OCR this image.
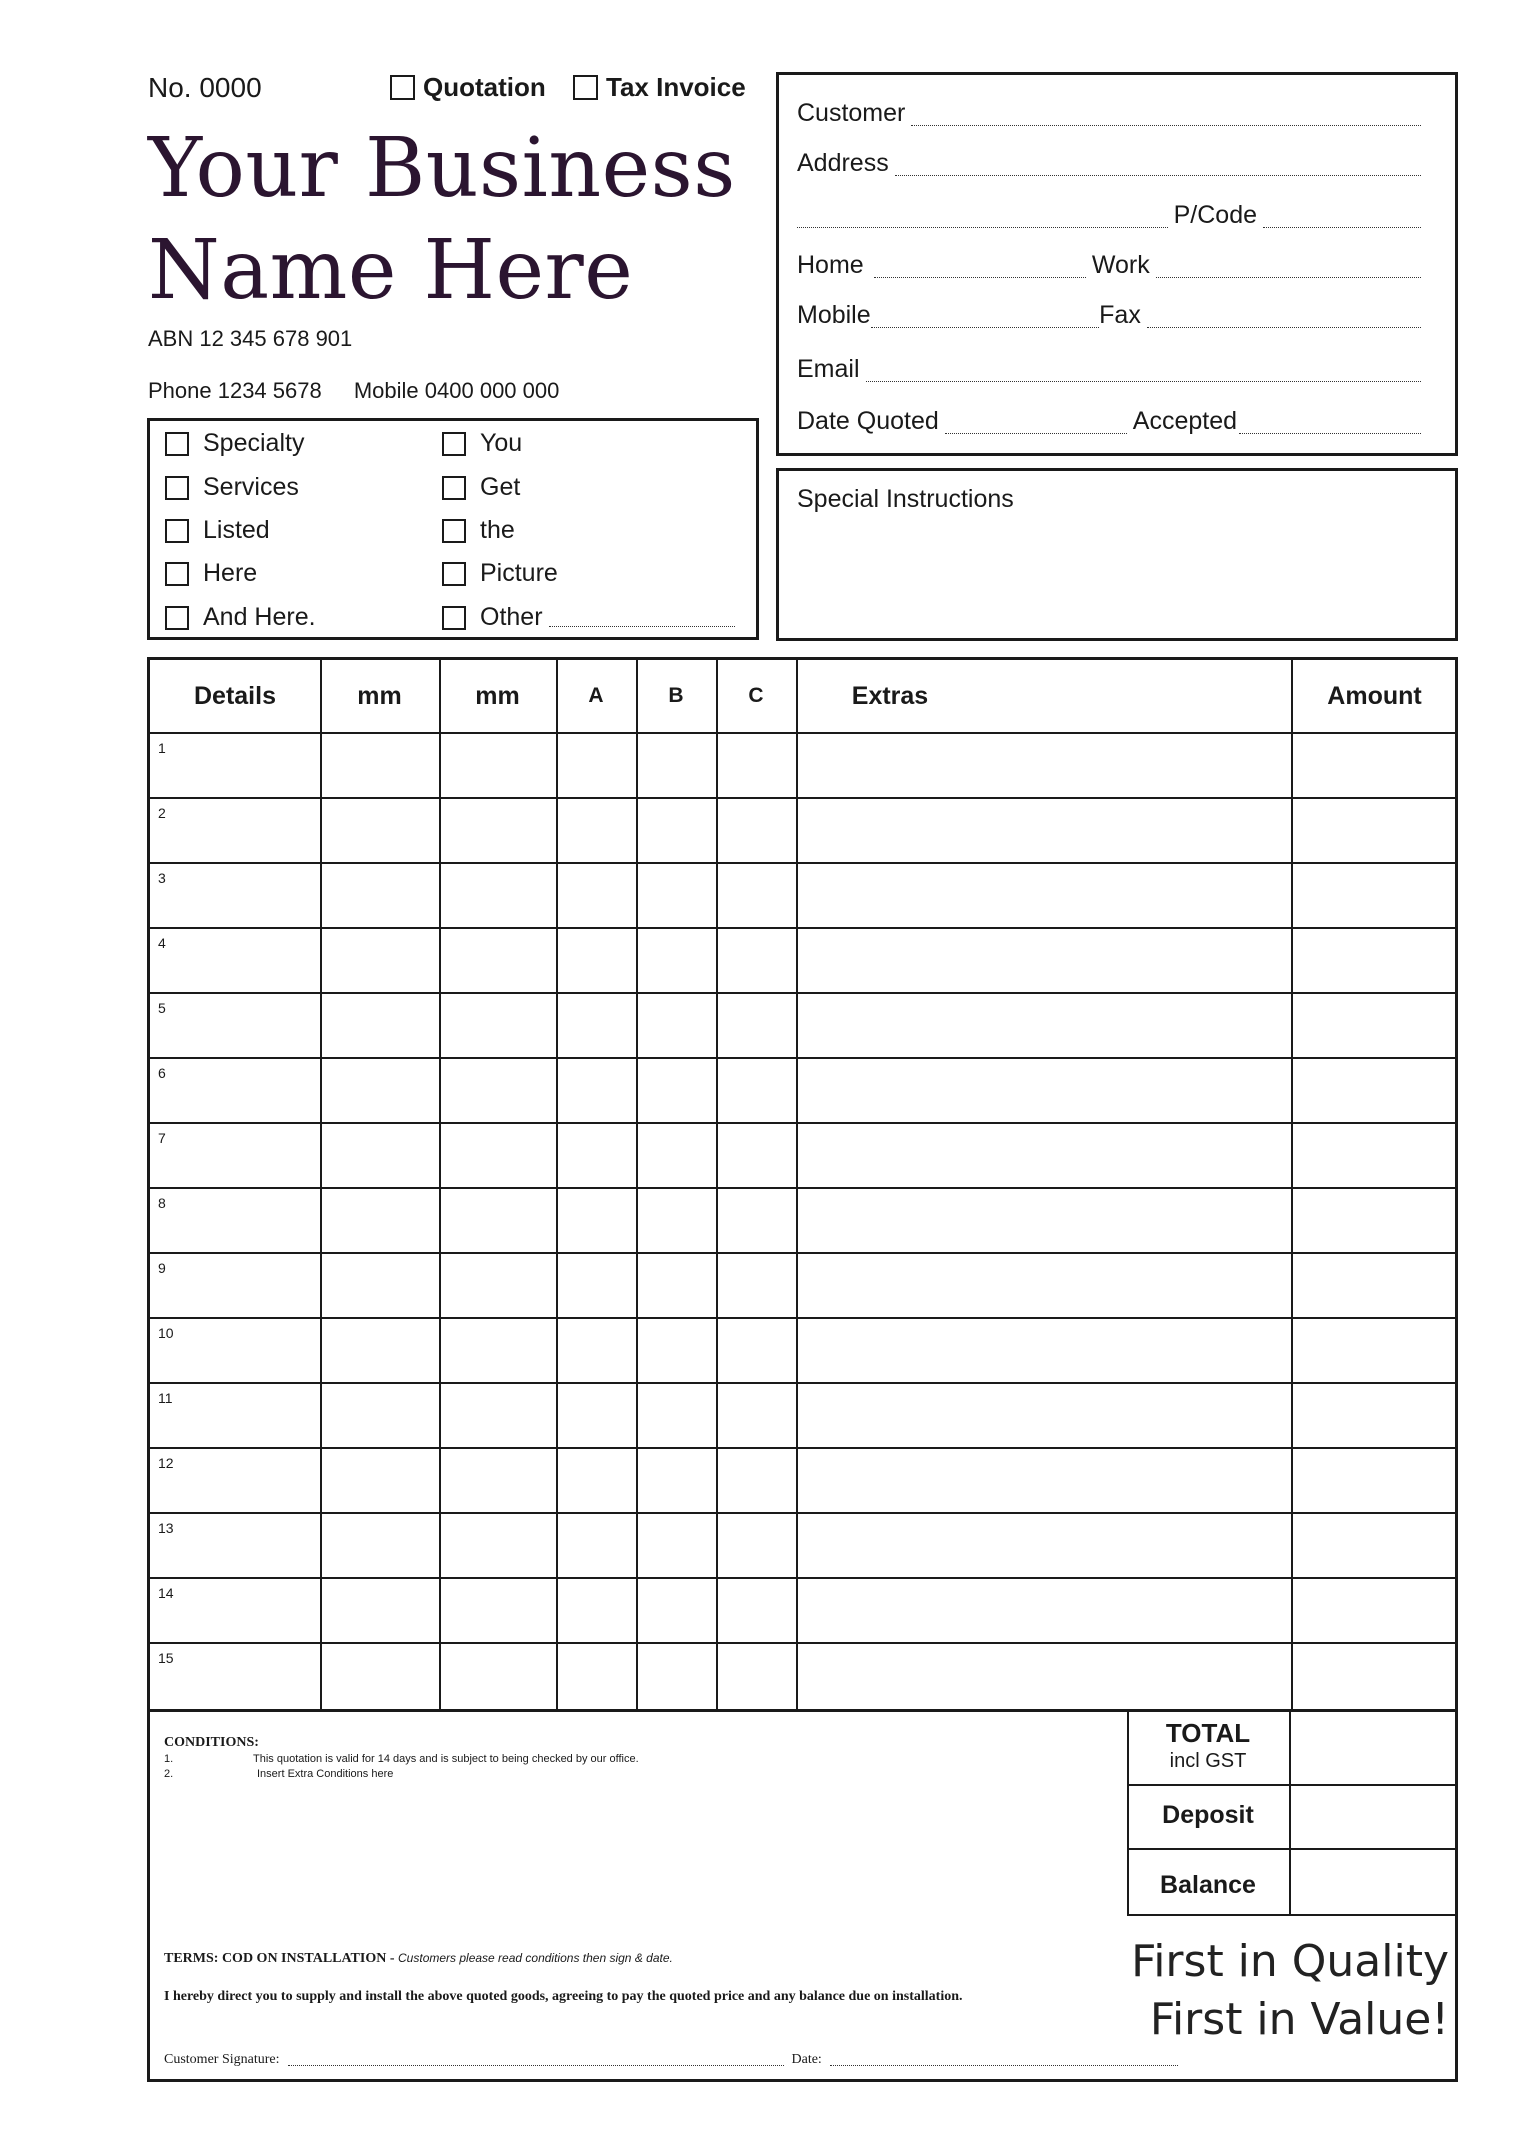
No. 0000	Quotation Tax Invoice
Your Business
Name Here
ABN 12 345 678 901
Phone 1234 5678 Mobile 0400 000 000
Specialty
Services
Listed
Here
And Here.
You
Get
the
Picture
Other
Customer
Address
P/Code
Home	Work
Mobile	Fax
Email
Date Quoted	Accepted
Special Instructions
Details	mm	mm	A	B	C	Extras	Amount
1
2
3
4
5
6
7
8
9
10
11
12
13
14
15
CONDITIONS:
1.	This quotation is valid for 14 days and is subject to being checked by our office.
2.	Insert Extra Conditions here
TOTAL
incl GST
Deposit
Balance
TERMS: COD ON INSTALLATION - Customers please read conditions then sign & date.
I hereby direct you to supply and install the above quoted goods, agreeing to pay the quoted price and any balance due on installation.
Customer Signature:	Date:
First in Quality
First in Value!
